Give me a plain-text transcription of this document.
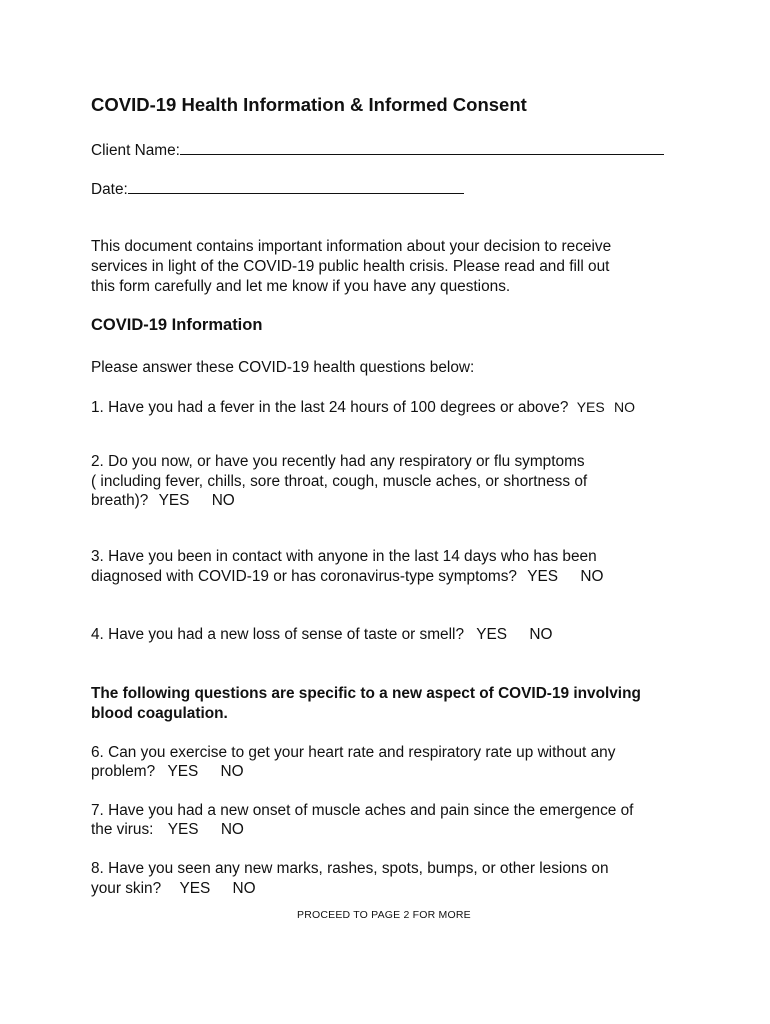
COVID-19 Health Information & Informed Consent
Client Name:
Date:
This document contains important information about your decision to receive
services in light of the COVID-19 public health crisis. Please read and fill out
this form carefully and let me know if you have any questions.
COVID-19 Information
Please answer these COVID-19 health questions below:
1. Have you had a fever in the last 24 hours of 100 degrees or above? YES NO
2. Do you now, or have you recently had any respiratory or flu symptoms
( including fever, chills, sore throat, cough, muscle aches, or shortness of
breath)? YES NO
3. Have you been in contact with anyone in the last 14 days who has been
diagnosed with COVID-19 or has coronavirus-type symptoms? YES NO
4. Have you had a new loss of sense of taste or smell? YES NO
The following questions are specific to a new aspect of COVID-19 involving
blood coagulation.
6. Can you exercise to get your heart rate and respiratory rate up without any
problem? YES NO
7. Have you had a new onset of muscle aches and pain since the emergence of
the virus: YES NO
8. Have you seen any new marks, rashes, spots, bumps, or other lesions on
your skin? YES NO
PROCEED TO PAGE 2 FOR MORE
